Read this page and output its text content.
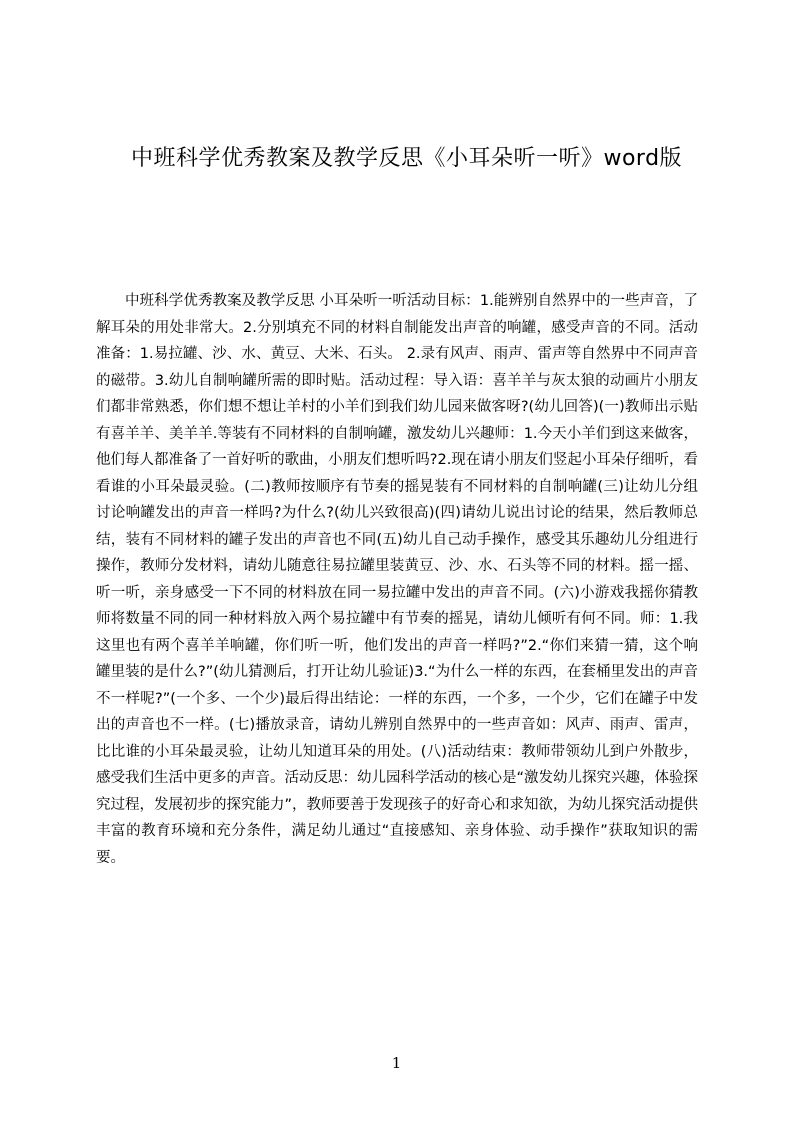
中班科学优秀教案及教学反思《小耳朵听一听》word版

中班科学优秀教案及教学反思 小耳朵听一听活动目标：1.能辨别自然界中的一些声音，了解耳朵的用处非常大。2.分别填充不同的材料自制能发出声音的响罐，感受声音的不同。活动准备：1.易拉罐、沙、水、黄豆、大米、石头。 2.录有风声、雨声、雷声等自然界中不同声音的磁带。3.幼儿自制响罐所需的即时贴。活动过程：导入语：喜羊羊与灰太狼的动画片小朋友们都非常熟悉，你们想不想让羊村的小羊们到我们幼儿园来做客呀?(幼儿回答)(一)教师出示贴有喜羊羊、美羊羊.等装有不同材料的自制响罐，激发幼儿兴趣师：1.今天小羊们到这来做客，他们每人都准备了一首好听的歌曲，小朋友们想听吗?2.现在请小朋友们竖起小耳朵仔细听，看看谁的小耳朵最灵验。(二)教师按顺序有节奏的摇晃装有不同材料的自制响罐(三)让幼儿分组讨论响罐发出的声音一样吗?为什么?(幼儿兴致很高)(四)请幼儿说出讨论的结果，然后教师总结，装有不同材料的罐子发出的声音也不同(五)幼儿自己动手操作，感受其乐趣幼儿分组进行操作，教师分发材料，请幼儿随意往易拉罐里装黄豆、沙、水、石头等不同的材料。摇一摇、听一听，亲身感受一下不同的材料放在同一易拉罐中发出的声音不同。(六)小游戏我摇你猜教师将数量不同的同一种材料放入两个易拉罐中有节奏的摇晃，请幼儿倾听有何不同。师：1.我这里也有两个喜羊羊响罐，你们听一听，他们发出的声音一样吗?”2.“你们来猜一猜，这个响罐里装的是什么?”(幼儿猜测后，打开让幼儿验证)3.“为什么一样的东西，在套桶里发出的声音不一样呢?”(一个多、一个少)最后得出结论：一样的东西，一个多，一个少，它们在罐子中发出的声音也不一样。(七)播放录音，请幼儿辨别自然界中的一些声音如：风声、雨声、雷声，比比谁的小耳朵最灵验，让幼儿知道耳朵的用处。(八)活动结束：教师带领幼儿到户外散步，感受我们生活中更多的声音。活动反思：幼儿园科学活动的核心是“激发幼儿探究兴趣，体验探究过程，发展初步的探究能力”，教师要善于发现孩子的好奇心和求知欲，为幼儿探究活动提供丰富的教育环境和充分条件，满足幼儿通过“直接感知、亲身体验、动手操作”获取知识的需要。

1
